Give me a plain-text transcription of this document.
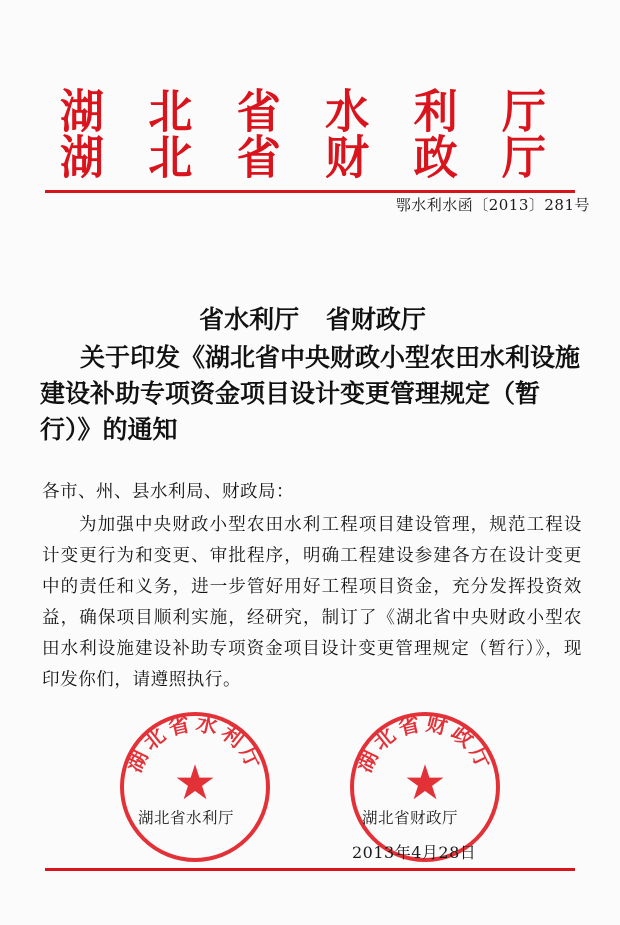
湖 北 省 水 利 厅
湖 北 省 财 政 厅
鄂水利水函〔2013〕281号
省水利厅 省财政厅
关于印发《湖北省中央财政小型农田水利设施建设补助专项资金项目设计变更管理规定（暂行）》的通知
各市、州、县水利局、财政局：
为加强中央财政小型农田水利工程项目建设管理，规范工程设计变更行为和变更、审批程序，明确工程建设参建各方在设计变更中的责任和义务，进一步管好用好工程项目资金，充分发挥投资效益，确保项目顺利实施，经研究，制订了《湖北省中央财政小型农田水利设施建设补助专项资金项目设计变更管理规定（暂行）》，现印发你们，请遵照执行。
湖北省水利厅
★	湖北省财政厅
★
湖北省水利厅	湖北省财政厅
2013年4月28日
